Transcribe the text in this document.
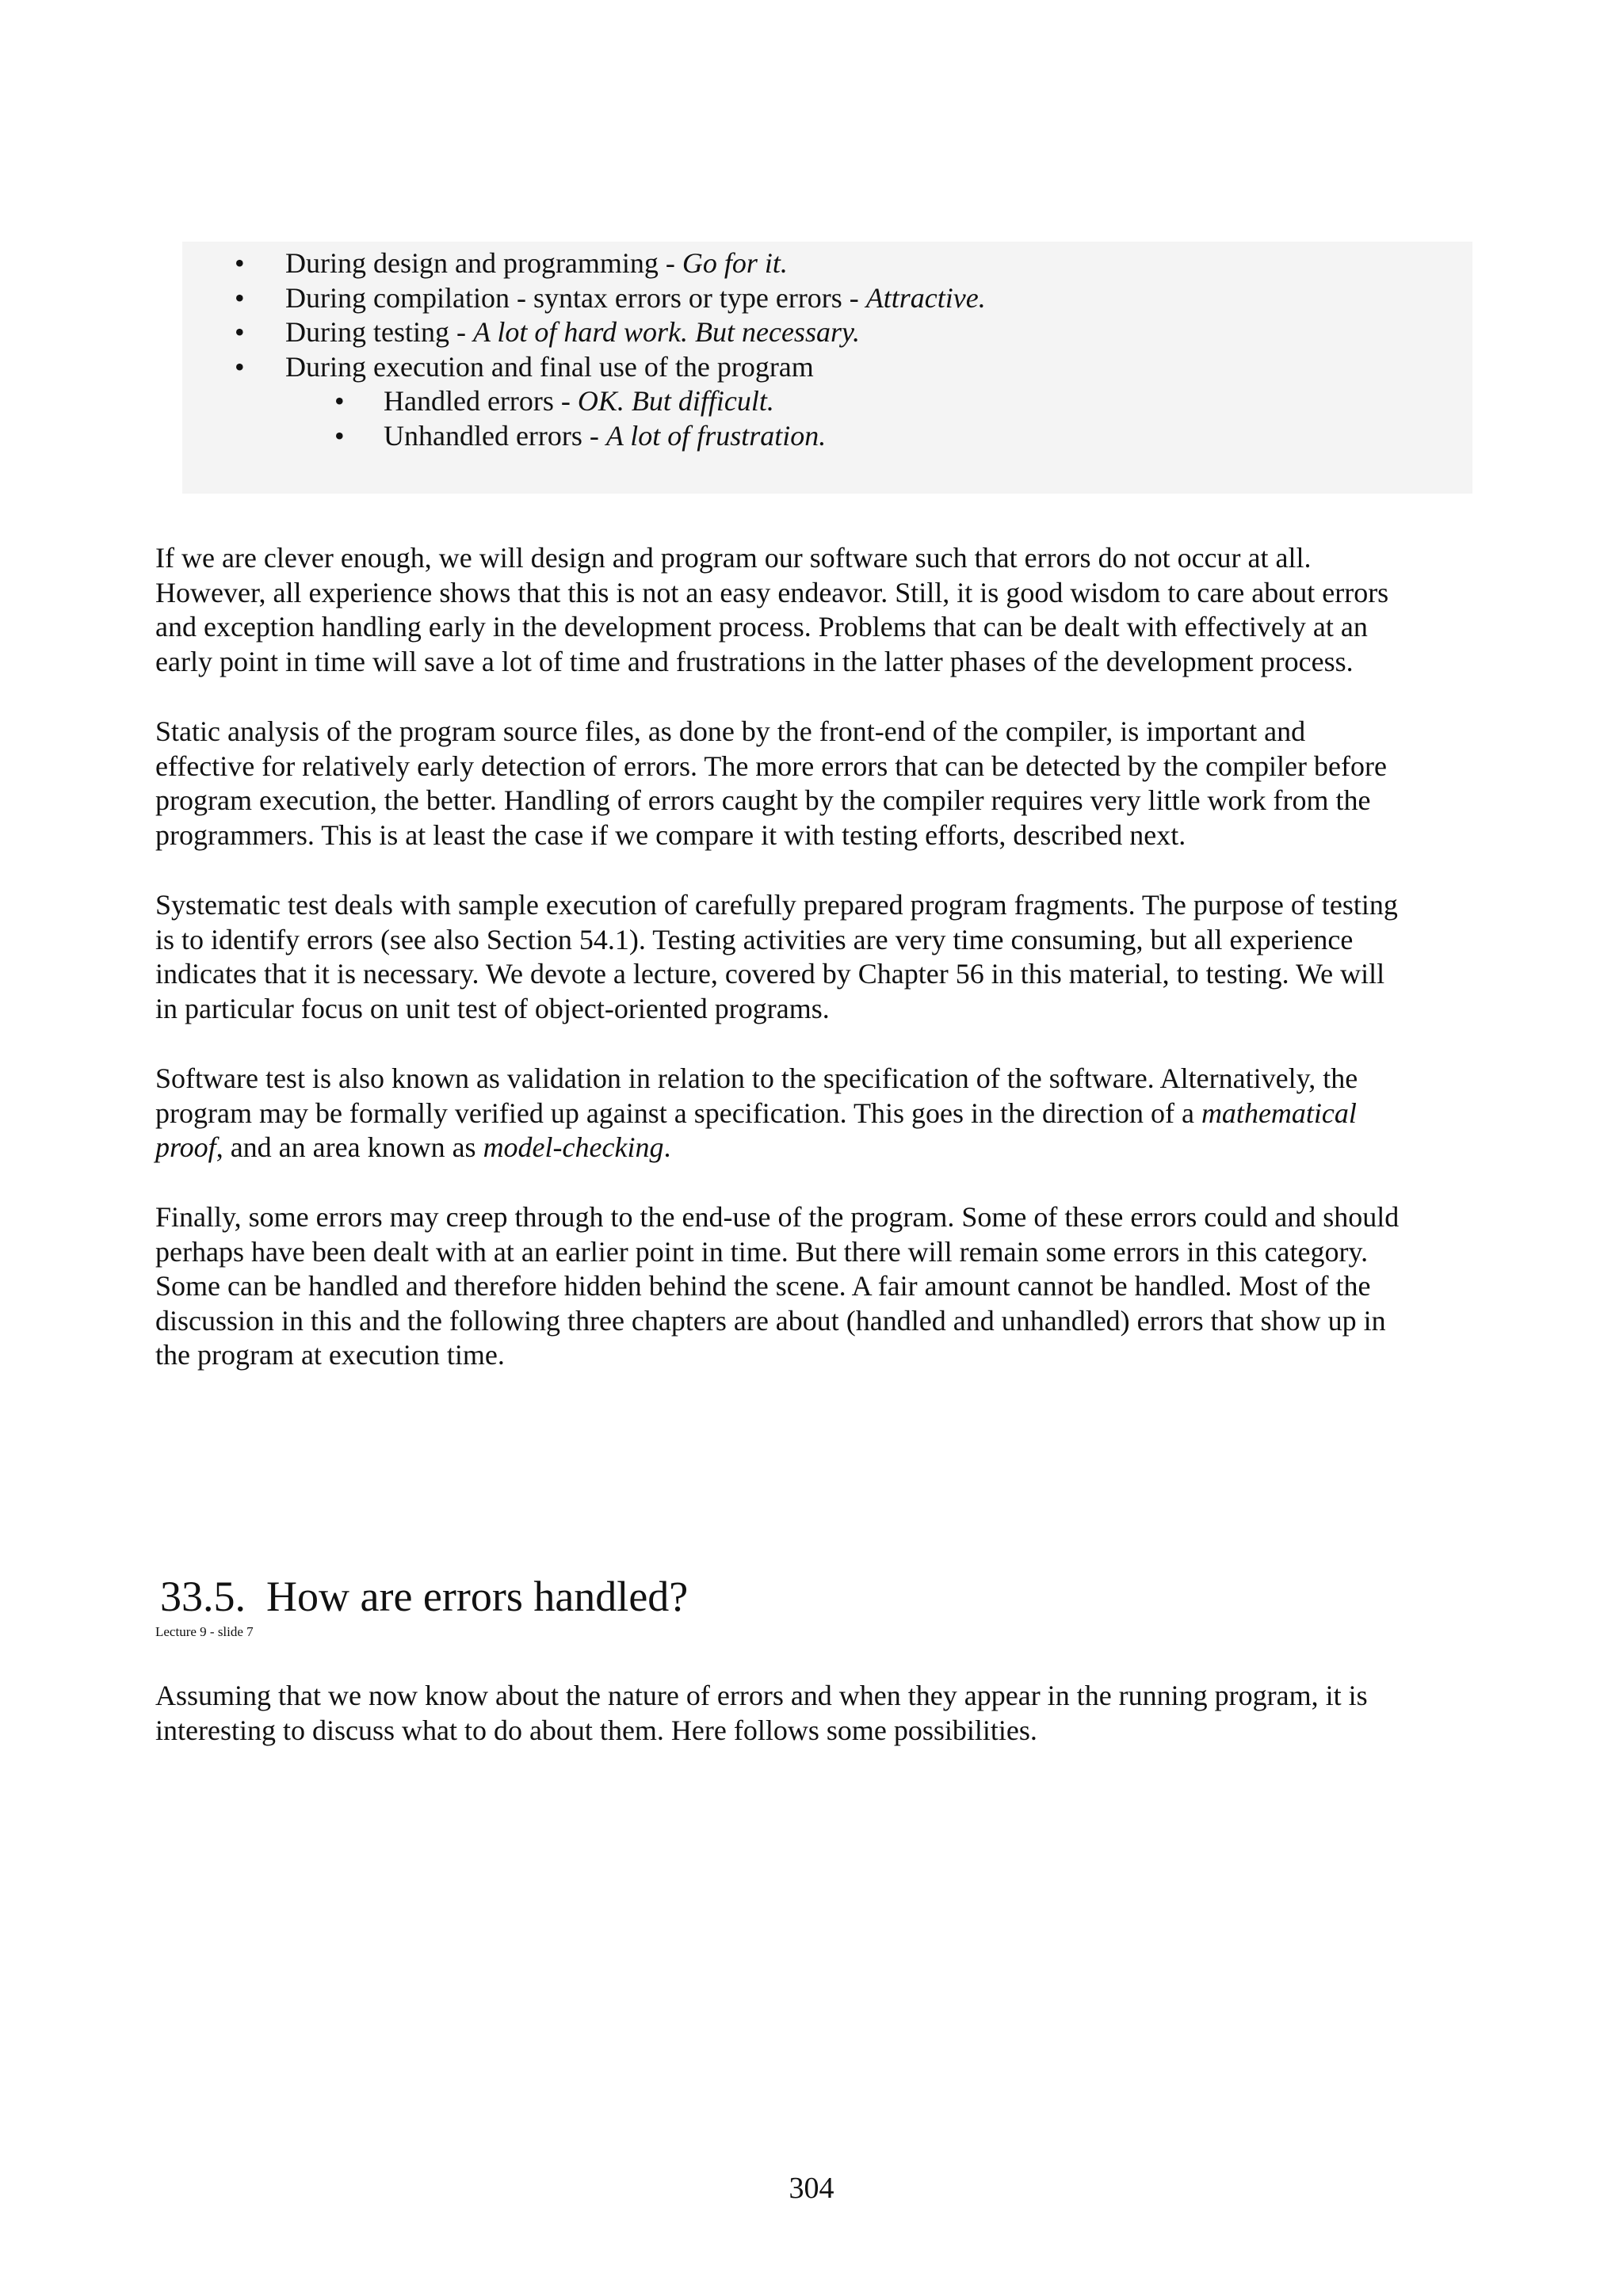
• During design and programming - Go for it.
• During compilation - syntax errors or type errors - Attractive.
• During testing - A lot of hard work. But necessary.
• During execution and final use of the program
• Handled errors - OK. But difficult.
• Unhandled errors - A lot of frustration.

If we are clever enough, we will design and program our software such that errors do not occur at all.
However, all experience shows that this is not an easy endeavor. Still, it is good wisdom to care about errors
and exception handling early in the development process. Problems that can be dealt with effectively at an
early point in time will save a lot of time and frustrations in the latter phases of the development process.

Static analysis of the program source files, as done by the front-end of the compiler, is important and
effective for relatively early detection of errors. The more errors that can be detected by the compiler before
program execution, the better. Handling of errors caught by the compiler requires very little work from the
programmers. This is at least the case if we compare it with testing efforts, described next.

Systematic test deals with sample execution of carefully prepared program fragments. The purpose of testing
is to identify errors (see also Section 54.1). Testing activities are very time consuming, but all experience
indicates that it is necessary. We devote a lecture, covered by Chapter 56 in this material, to testing. We will
in particular focus on unit test of object-oriented programs.

Software test is also known as validation in relation to the specification of the software. Alternatively, the
program may be formally verified up against a specification. This goes in the direction of a mathematical
proof, and an area known as model-checking.

Finally, some errors may creep through to the end-use of the program. Some of these errors could and should
perhaps have been dealt with at an earlier point in time. But there will remain some errors in this category.
Some can be handled and therefore hidden behind the scene. A fair amount cannot be handled. Most of the
discussion in this and the following three chapters are about (handled and unhandled) errors that show up in
the program at execution time.

33.5. How are errors handled?
Lecture 9 - slide 7

Assuming that we now know about the nature of errors and when they appear in the running program, it is
interesting to discuss what to do about them. Here follows some possibilities.

304
